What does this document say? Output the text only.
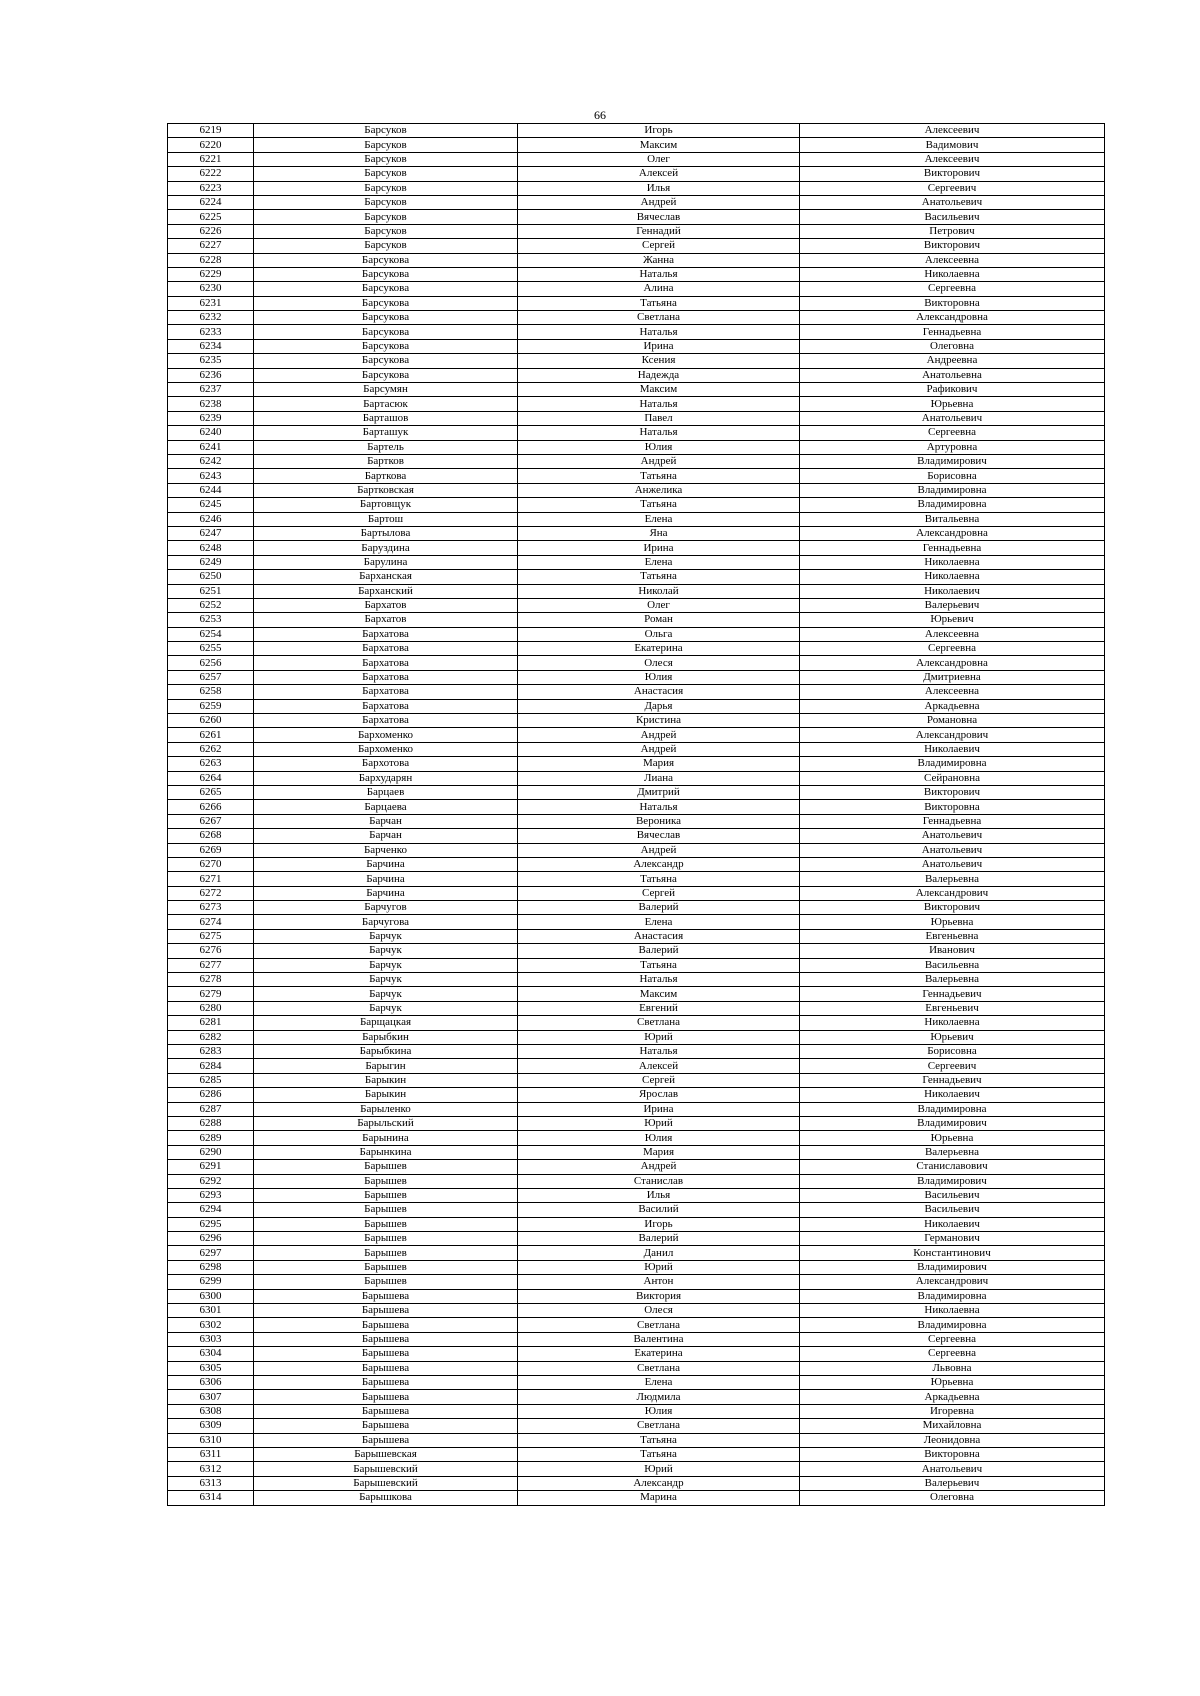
66
6219	Барсуков	Игорь	Алексеевич
6220	Барсуков	Максим	Вадимович
6221	Барсуков	Олег	Алексеевич
6222	Барсуков	Алексей	Викторович
6223	Барсуков	Илья	Сергеевич
6224	Барсуков	Андрей	Анатольевич
6225	Барсуков	Вячеслав	Васильевич
6226	Барсуков	Геннадий	Петрович
6227	Барсуков	Сергей	Викторович
6228	Барсукова	Жанна	Алексеевна
6229	Барсукова	Наталья	Николаевна
6230	Барсукова	Алина	Сергеевна
6231	Барсукова	Татьяна	Викторовна
6232	Барсукова	Светлана	Александровна
6233	Барсукова	Наталья	Геннадьевна
6234	Барсукова	Ирина	Олеговна
6235	Барсукова	Ксения	Андреевна
6236	Барсукова	Надежда	Анатольевна
6237	Барсумян	Максим	Рафикович
6238	Бартасюк	Наталья	Юрьевна
6239	Барташов	Павел	Анатольевич
6240	Барташук	Наталья	Сергеевна
6241	Бартель	Юлия	Артуровна
6242	Бартков	Андрей	Владимирович
6243	Барткова	Татьяна	Борисовна
6244	Бартковская	Анжелика	Владимировна
6245	Бартовщук	Татьяна	Владимировна
6246	Бартош	Елена	Витальевна
6247	Бартылова	Яна	Александровна
6248	Баруздина	Ирина	Геннадьевна
6249	Барулина	Елена	Николаевна
6250	Барханская	Татьяна	Николаевна
6251	Барханский	Николай	Николаевич
6252	Бархатов	Олег	Валерьевич
6253	Бархатов	Роман	Юрьевич
6254	Бархатова	Ольга	Алексеевна
6255	Бархатова	Екатерина	Сергеевна
6256	Бархатова	Олеся	Александровна
6257	Бархатова	Юлия	Дмитриевна
6258	Бархатова	Анастасия	Алексеевна
6259	Бархатова	Дарья	Аркадьевна
6260	Бархатова	Кристина	Романовна
6261	Бархоменко	Андрей	Александрович
6262	Бархоменко	Андрей	Николаевич
6263	Бархотова	Мария	Владимировна
6264	Бархударян	Лиана	Сейрановна
6265	Барцаев	Дмитрий	Викторович
6266	Барцаева	Наталья	Викторовна
6267	Барчан	Вероника	Геннадьевна
6268	Барчан	Вячеслав	Анатольевич
6269	Барченко	Андрей	Анатольевич
6270	Барчина	Александр	Анатольевич
6271	Барчина	Татьяна	Валерьевна
6272	Барчина	Сергей	Александрович
6273	Барчугов	Валерий	Викторович
6274	Барчугова	Елена	Юрьевна
6275	Барчук	Анастасия	Евгеньевна
6276	Барчук	Валерий	Иванович
6277	Барчук	Татьяна	Васильевна
6278	Барчук	Наталья	Валерьевна
6279	Барчук	Максим	Геннадьевич
6280	Барчук	Евгений	Евгеньевич
6281	Барщацкая	Светлана	Николаевна
6282	Барыбкин	Юрий	Юрьевич
6283	Барыбкина	Наталья	Борисовна
6284	Барыгин	Алексей	Сергеевич
6285	Барыкин	Сергей	Геннадьевич
6286	Барыкин	Ярослав	Николаевич
6287	Барыленко	Ирина	Владимировна
6288	Барыльский	Юрий	Владимирович
6289	Барынина	Юлия	Юрьевна
6290	Барынкина	Мария	Валерьевна
6291	Барышев	Андрей	Станиславович
6292	Барышев	Станислав	Владимирович
6293	Барышев	Илья	Васильевич
6294	Барышев	Василий	Васильевич
6295	Барышев	Игорь	Николаевич
6296	Барышев	Валерий	Германович
6297	Барышев	Данил	Константинович
6298	Барышев	Юрий	Владимирович
6299	Барышев	Антон	Александрович
6300	Барышева	Виктория	Владимировна
6301	Барышева	Олеся	Николаевна
6302	Барышева	Светлана	Владимировна
6303	Барышева	Валентина	Сергеевна
6304	Барышева	Екатерина	Сергеевна
6305	Барышева	Светлана	Львовна
6306	Барышева	Елена	Юрьевна
6307	Барышева	Людмила	Аркадьевна
6308	Барышева	Юлия	Игоревна
6309	Барышева	Светлана	Михайловна
6310	Барышева	Татьяна	Леонидовна
6311	Барышевская	Татьяна	Викторовна
6312	Барышевский	Юрий	Анатольевич
6313	Барышевский	Александр	Валерьевич
6314	Барышкова	Марина	Олеговна
